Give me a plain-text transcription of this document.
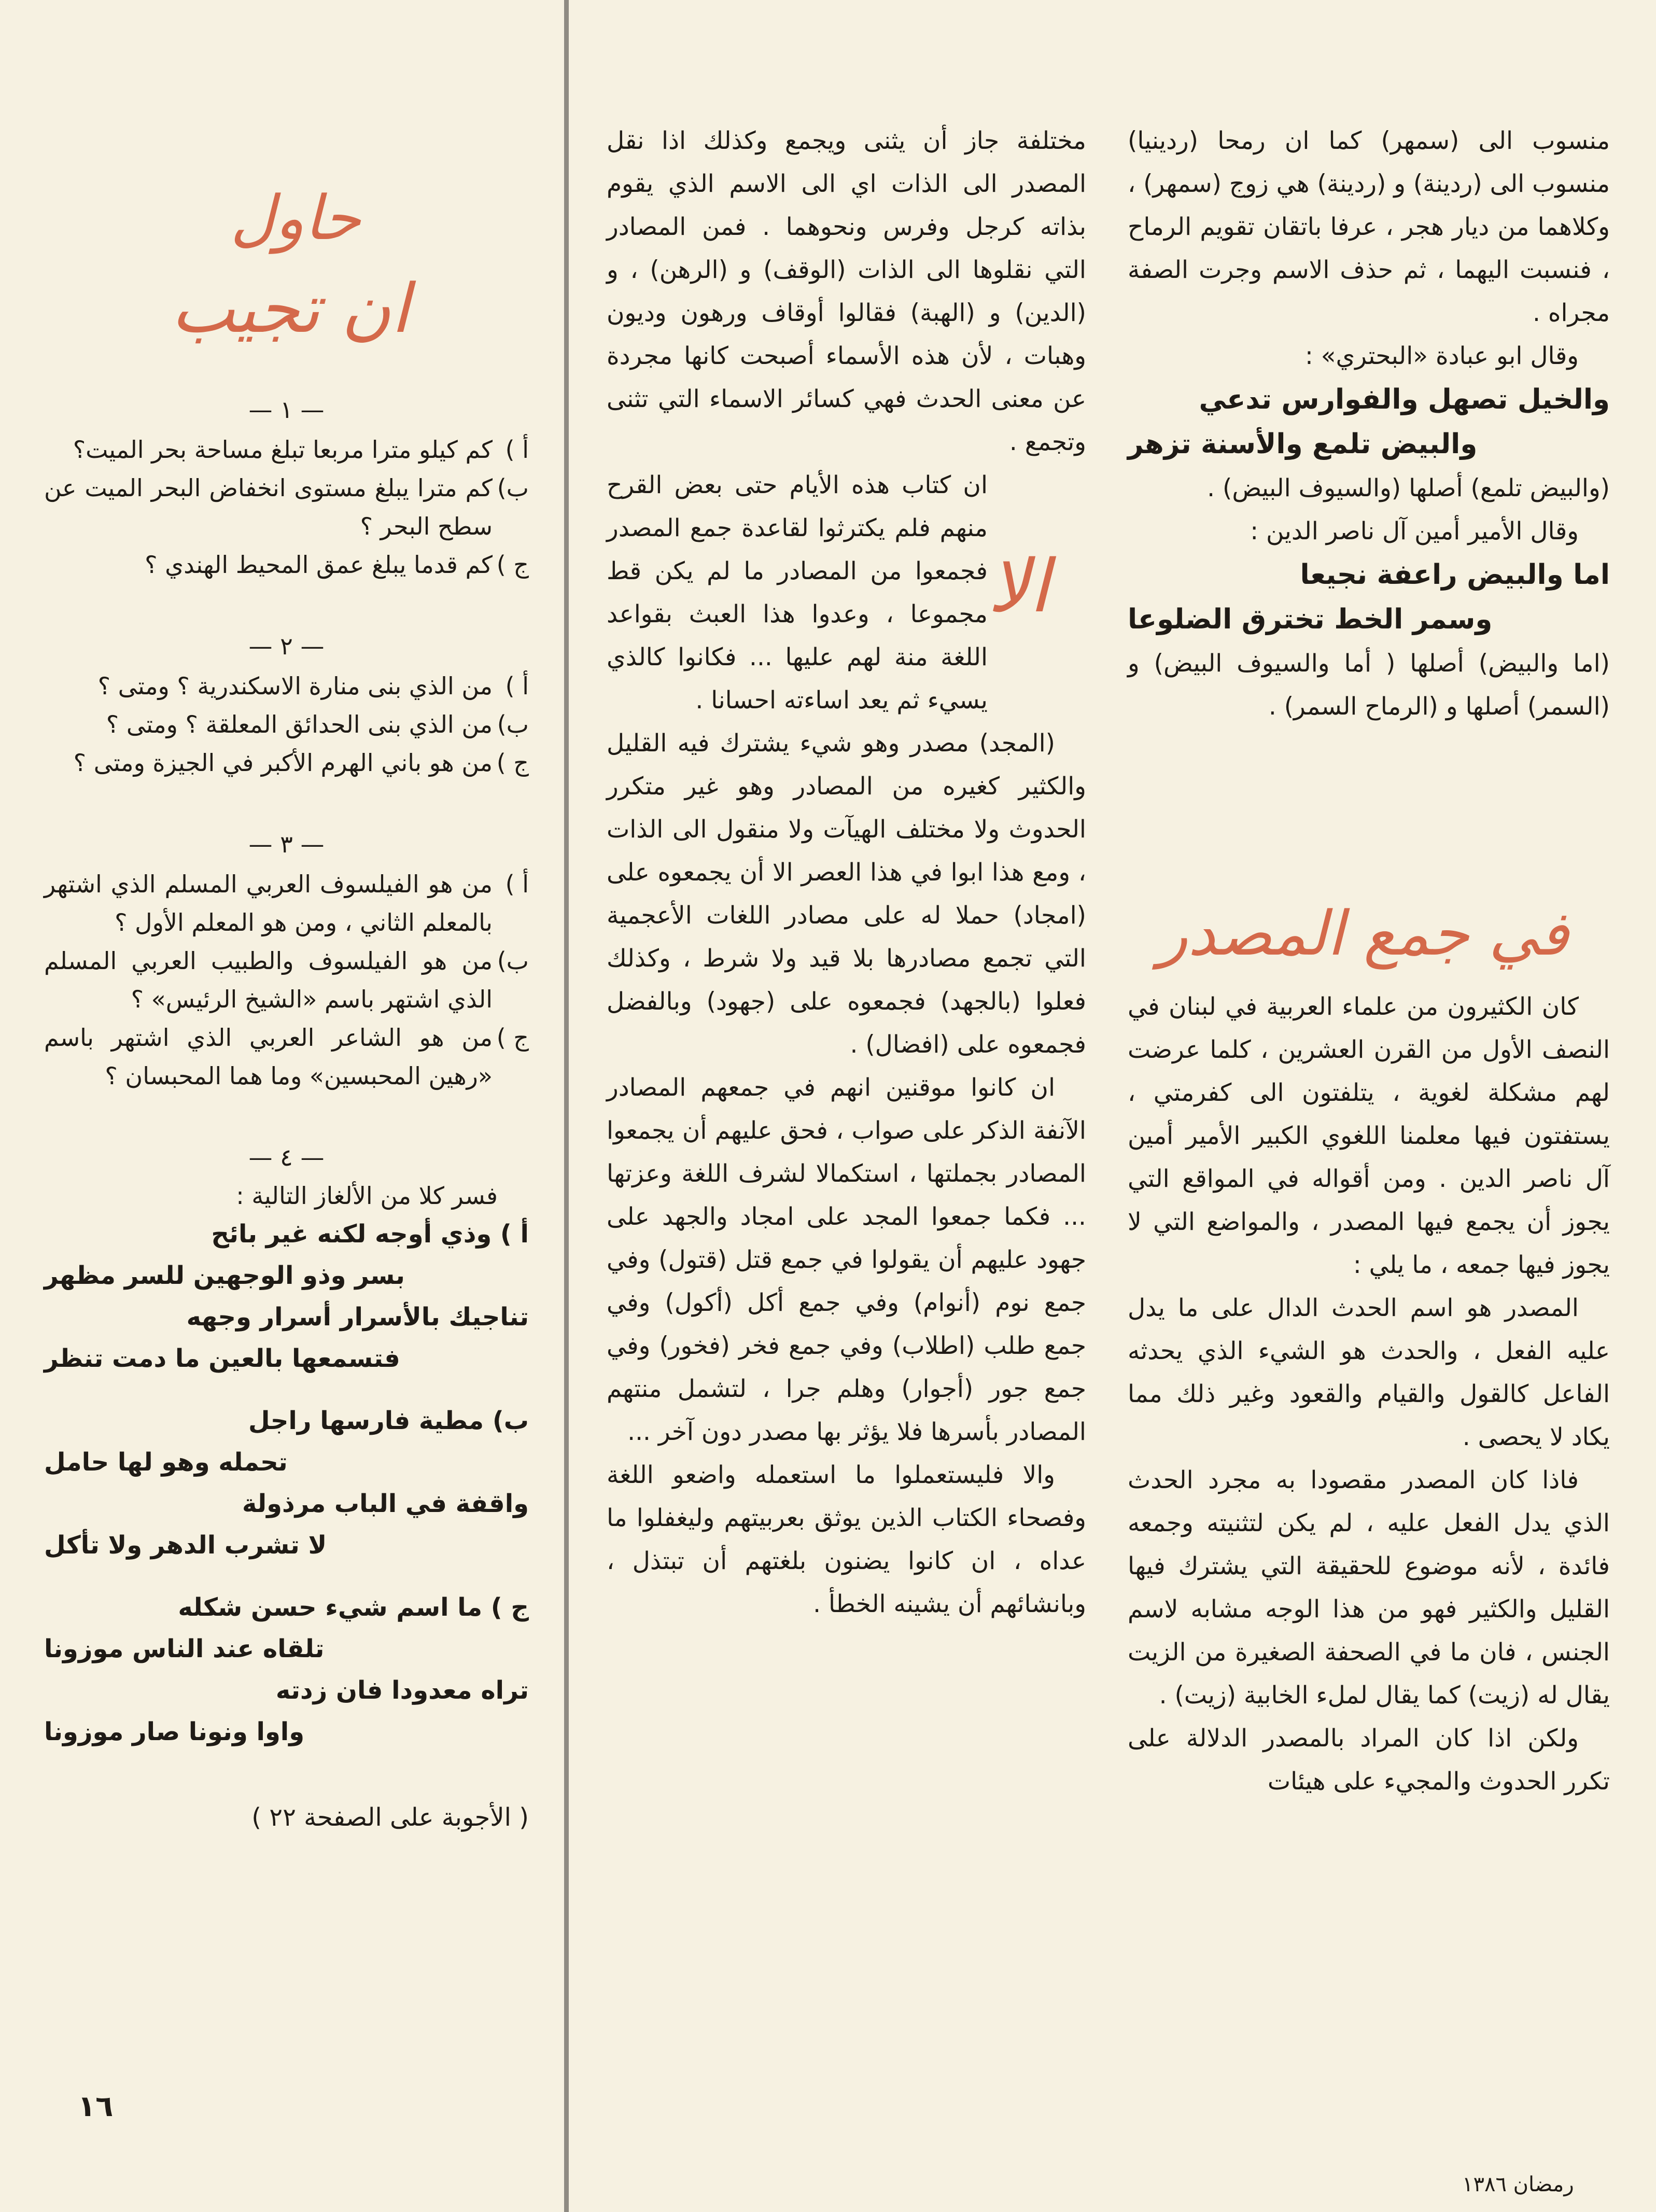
منسوب الى (سمهر) كما ان رمحا (ردينيا) منسوب الى (ردينة) و (ردينة) هي زوج (سمهر) ، وكلاهما من ديار هجر ، عرفا باتقان تقويم الرماح ، فنسبت اليهما ، ثم حذف الاسم وجرت الصفة مجراه .

وقال ابو عبادة «البحتري» :

والخيل تصهل والفوارس تدعي

والبيض تلمع والأسنة تزهر

(والبيض تلمع) أصلها (والسيوف البيض) .

وقال الأمير أمين آل ناصر الدين :

اما والبيض راعفة نجيعا

وسمر الخط تخترق الضلوعا

(اما والبيض) أصلها ( أما والسيوف البيض) و (السمر) أصلها و (الرماح السمر) .

في جمع المصدر

كان الكثيرون من علماء العربية في لبنان في النصف الأول من القرن العشرين ، كلما عرضت لهم مشكلة لغوية ، يتلفتون الى كفرمتي ، يستفتون فيها معلمنا اللغوي الكبير الأمير أمين آل ناصر الدين . ومن أقواله في المواقع التي يجوز أن يجمع فيها المصدر ، والمواضع التي لا يجوز فيها جمعه ، ما يلي :

المصدر هو اسم الحدث الدال على ما يدل عليه الفعل ، والحدث هو الشيء الذي يحدثه الفاعل كالقول والقيام والقعود وغير ذلك مما يكاد لا يحصى .

فاذا كان المصدر مقصودا به مجرد الحدث الذي يدل الفعل عليه ، لم يكن لتثنيته وجمعه فائدة ، لأنه موضوع للحقيقة التي يشترك فيها القليل والكثير فهو من هذا الوجه مشابه لاسم الجنس ، فان ما في الصحفة الصغيرة من الزيت يقال له (زيت) كما يقال لملء الخابية (زيت) .

ولكن اذا كان المراد بالمصدر الدلالة على تكرر الحدوث والمجيء على هيئات

مختلفة جاز أن يثنى ويجمع وكذلك اذا نقل المصدر الى الذات اي الى الاسم الذي يقوم بذاته كرجل وفرس ونحوهما . فمن المصادر التي نقلوها الى الذات (الوقف) و (الرهن) ، و (الدين) و (الهبة) فقالوا أوقاف ورهون وديون وهبات ، لأن هذه الأسماء أصبحت كانها مجردة عن معنى الحدث فهي كسائر الاسماء التي تثنى وتجمع .

ان كتاب هذه الأيام حتى بعض القرح منهم فلم يكترثوا لقاعدة جمع المصدر فجمعوا من المصادر ما لم يكن قط مجموعا ، وعدوا هذا العبث بقواعد اللغة منة لهم عليها ... فكانوا كالذي يسيء ثم يعد اساءته احسانا .

(المجد) مصدر وهو شيء يشترك فيه القليل والكثير كغيره من المصادر وهو غير متكرر الحدوث ولا مختلف الهيآت ولا منقول الى الذات ، ومع هذا ابوا في هذا العصر الا أن يجمعوه على (امجاد) حملا له على مصادر اللغات الأعجمية التي تجمع مصادرها بلا قيد ولا شرط ، وكذلك فعلوا (بالجهد) فجمعوه على (جهود) وبالفضل فجمعوه على (افضال) .

ان كانوا موقنين انهم في جمعهم المصادر الآنفة الذكر على صواب ، فحق عليهم أن يجمعوا المصادر بجملتها ، استكمالا لشرف اللغة وعزتها ... فكما جمعوا المجد على امجاد والجهد على جهود عليهم أن يقولوا في جمع قتل (قتول) وفي جمع نوم (أنوام) وفي جمع أكل (أكول) وفي جمع طلب (اطلاب) وفي جمع فخر (فخور) وفي جمع جور (أجوار) وهلم جرا ، لتشمل منتهم المصادر بأسرها فلا يؤثر بها مصدر دون آخر ...

والا فليستعملوا ما استعمله واضعو اللغة وفصحاء الكتاب الذين يوثق بعربيتهم وليغفلوا ما عداه ، ان كانوا يضنون بلغتهم أن تبتذل ، وبانشائهم أن يشينه الخطأ .

الا
حاول
ان تجيب
— ١ —
أ )
كم كيلو مترا مربعا تبلغ مساحة بحر الميت؟
ب)
كم مترا يبلغ مستوى انخفاض البحر الميت عن سطح البحر ؟
ج )
كم قدما يبلغ عمق المحيط الهندي ؟
— ٢ —
أ )
من الذي بنى منارة الاسكندرية ؟ ومتى ؟
ب)
من الذي بنى الحدائق المعلقة ؟ ومتى ؟
ج )
من هو باني الهرم الأكبر في الجيزة ومتى ؟
— ٣ —
أ )
من هو الفيلسوف العربي المسلم الذي اشتهر بالمعلم الثاني ، ومن هو المعلم الأول ؟
ب)
من هو الفيلسوف والطبيب العربي المسلم الذي اشتهر باسم «الشيخ الرئيس» ؟
ج )
من هو الشاعر العربي الذي اشتهر باسم «رهين المحبسين» وما هما المحبسان ؟
— ٤ —

فسر كلا من الألغاز التالية :

أ ) وذي أوجه لكنه غير بائح

بسر وذو الوجهين للسر مظهر

تناجيك بالأسرار أسرار وجهه

فتسمعها بالعين ما دمت تنظر

ب) مطية فارسها راجل

تحمله وهو لها حامل

واقفة في الباب مرذولة

لا تشرب الدهر ولا تأكل

ج ) ما اسم شيء حسن شكله

تلقاه عند الناس موزونا

تراه معدودا فان زدته

واوا ونونا صار موزونا

( الأجوبة على الصفحة ٢٢ )
١٦
رمضان ١٣٨٦
